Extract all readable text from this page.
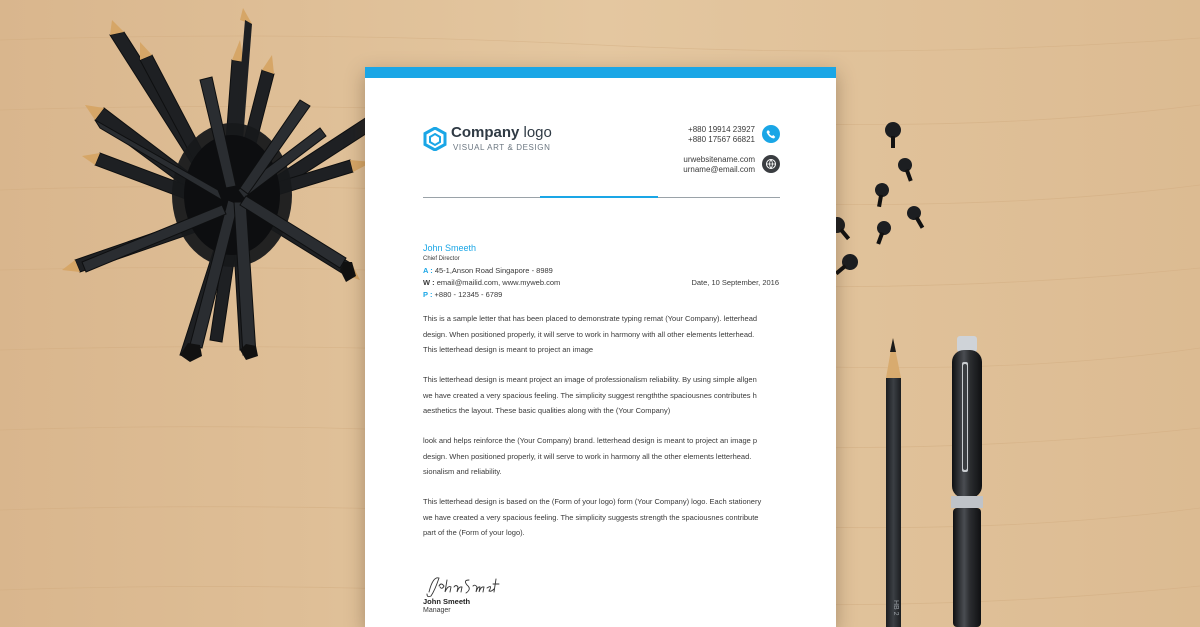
HB 2
Company logo
VISUAL ART & DESIGN
+880 19914 23927
+880 17567 66821
urwebsitename.com
urname@email.com
John Smeeth
Chief Director
A : 45-1,Anson Road Singapore - 8989
W : email@mailid.com, www.myweb.com
P : +880 - 12345 - 6789
Date, 10 September, 2016
This is a sample letter that has been placed to demonstrate typing remat (Your Company). letterhead
design. When positioned properly, it will serve to work in harmony with all other elements letterhead.
This letterhead design is meant to project an image
This letterhead design is meant project an image of professionalism reliability. By using simple allgen
we have created a very spacious feeling. The simplicity suggest rengththe spaciousnes contributes h
aesthetics the layout. These basic qualities along with the (Your Company)
look and helps reinforce the (Your Company) brand. letterhead design is meant to project an image p
design. When positioned properly, it will serve to work in harmony all the other elements letterhead.
sionalism and reliability.
This letterhead design is based on the (Form of your logo) form (Your Company) logo. Each stationery
we have created a very spacious feeling. The simplicity suggests strength the spaciousnes contribute
part of the (Form of your logo).
John Smeeth
Manager
